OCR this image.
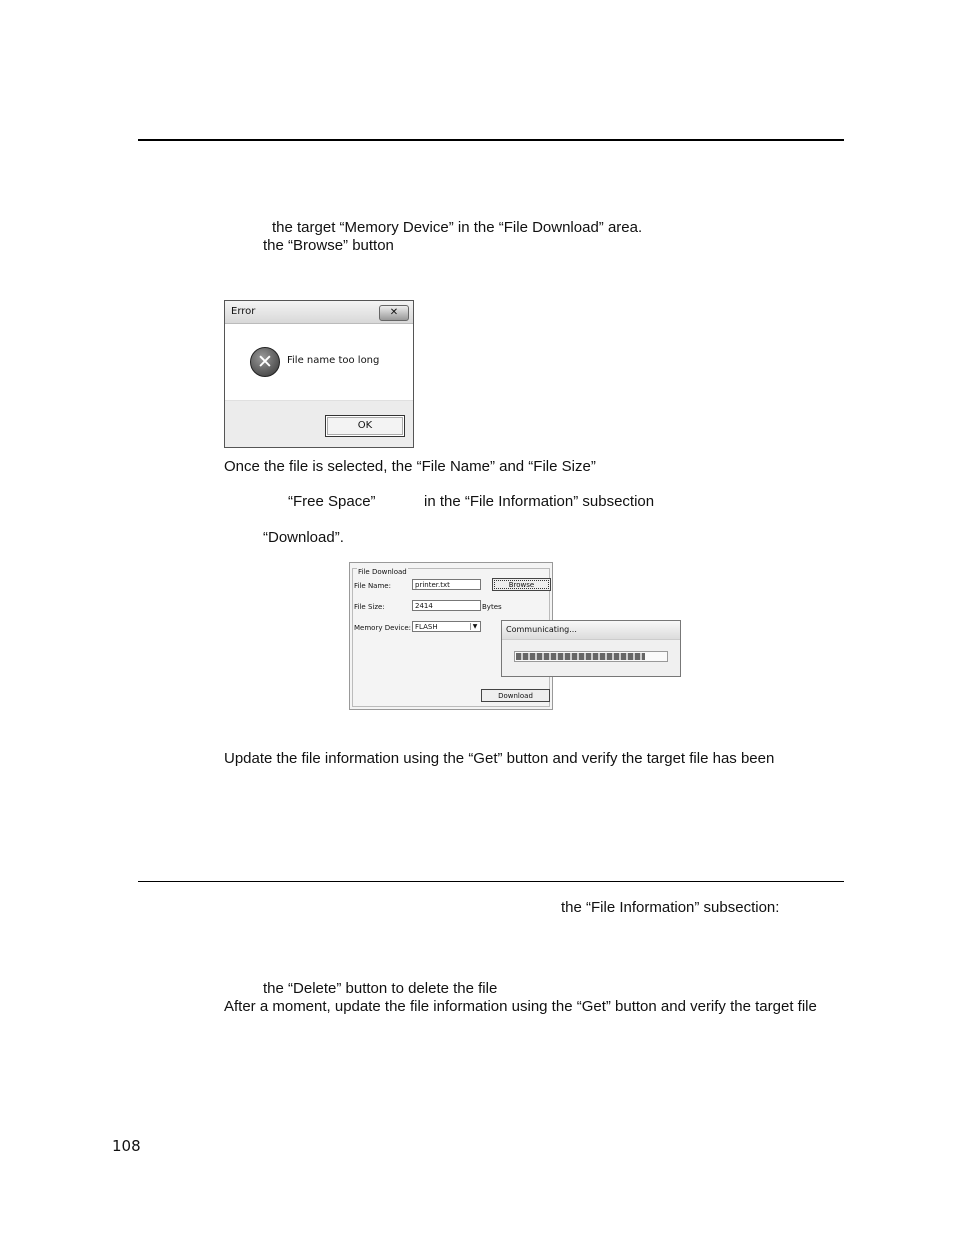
the target “Memory Device” in the “File Download” area.
the “Browse” button
Error	✕
✕	File name too long
OK
Once the file is selected, the “File Name” and “File Size”
“Free Space”	in the “File Information” subsection
“Download”.
File Download
File Name:	printer.txt	Browse
File Size:	2414	Bytes
Memory Device: FLASH	▼
Download
Communicating...
Update the file information using the “Get” button and verify the target file has been
the “File Information” subsection:
the “Delete” button to delete the file
After a moment, update the file information using the “Get” button and verify the target file
108
